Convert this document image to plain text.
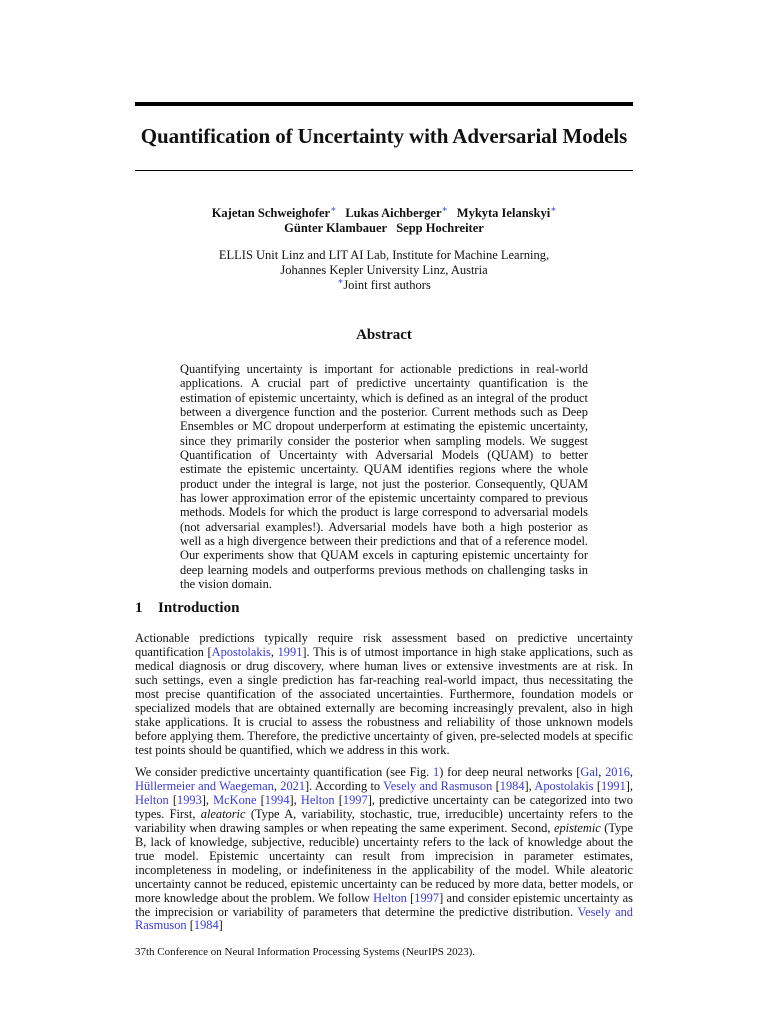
Quantification of Uncertainty with Adversarial Models
Kajetan Schweighofer∗ Lukas Aichberger∗ Mykyta Ielanskyi∗
Günter Klambauer Sepp Hochreiter
ELLIS Unit Linz and LIT AI Lab, Institute for Machine Learning,
Johannes Kepler University Linz, Austria
∗Joint first authors
Abstract
Quantifying uncertainty is important for actionable predictions in real-world applications. A crucial part of predictive uncertainty quantification is the estimation of epistemic uncertainty, which is defined as an integral of the product between a divergence function and the posterior. Current methods such as Deep Ensembles or MC dropout underperform at estimating the epistemic uncertainty, since they primarily consider the posterior when sampling models. We suggest Quantification of Uncertainty with Adversarial Models (QUAM) to better estimate the epistemic uncertainty. QUAM identifies regions where the whole product under the integral is large, not just the posterior. Consequently, QUAM has lower approximation error of the epistemic uncertainty compared to previous methods. Models for which the product is large correspond to adversarial models (not adversarial examples!). Adversarial models have both a high posterior as well as a high divergence between their predictions and that of a reference model. Our experiments show that QUAM excels in capturing epistemic uncertainty for deep learning models and outperforms previous methods on challenging tasks in the vision domain.
1 Introduction
Actionable predictions typically require risk assessment based on predictive uncertainty quantification [Apostolakis, 1991]. This is of utmost importance in high stake applications, such as medical diagnosis or drug discovery, where human lives or extensive investments are at risk. In such settings, even a single prediction has far-reaching real-world impact, thus necessitating the most precise quantification of the associated uncertainties. Furthermore, foundation models or specialized models that are obtained externally are becoming increasingly prevalent, also in high stake applications. It is crucial to assess the robustness and reliability of those unknown models before applying them. Therefore, the predictive uncertainty of given, pre-selected models at specific test points should be quantified, which we address in this work.
We consider predictive uncertainty quantification (see Fig. 1) for deep neural networks [Gal, 2016, Hüllermeier and Waegeman, 2021]. According to Vesely and Rasmuson [1984], Apostolakis [1991], Helton [1993], McKone [1994], Helton [1997], predictive uncertainty can be categorized into two types. First, aleatoric (Type A, variability, stochastic, true, irreducible) uncertainty refers to the variability when drawing samples or when repeating the same experiment. Second, epistemic (Type B, lack of knowledge, subjective, reducible) uncertainty refers to the lack of knowledge about the true model. Epistemic uncertainty can result from imprecision in parameter estimates, incompleteness in modeling, or indefiniteness in the applicability of the model. While aleatoric uncertainty cannot be reduced, epistemic uncertainty can be reduced by more data, better models, or more knowledge about the problem. We follow Helton [1997] and consider epistemic uncertainty as the imprecision or variability of parameters that determine the predictive distribution. Vesely and Rasmuson [1984]
37th Conference on Neural Information Processing Systems (NeurIPS 2023).
